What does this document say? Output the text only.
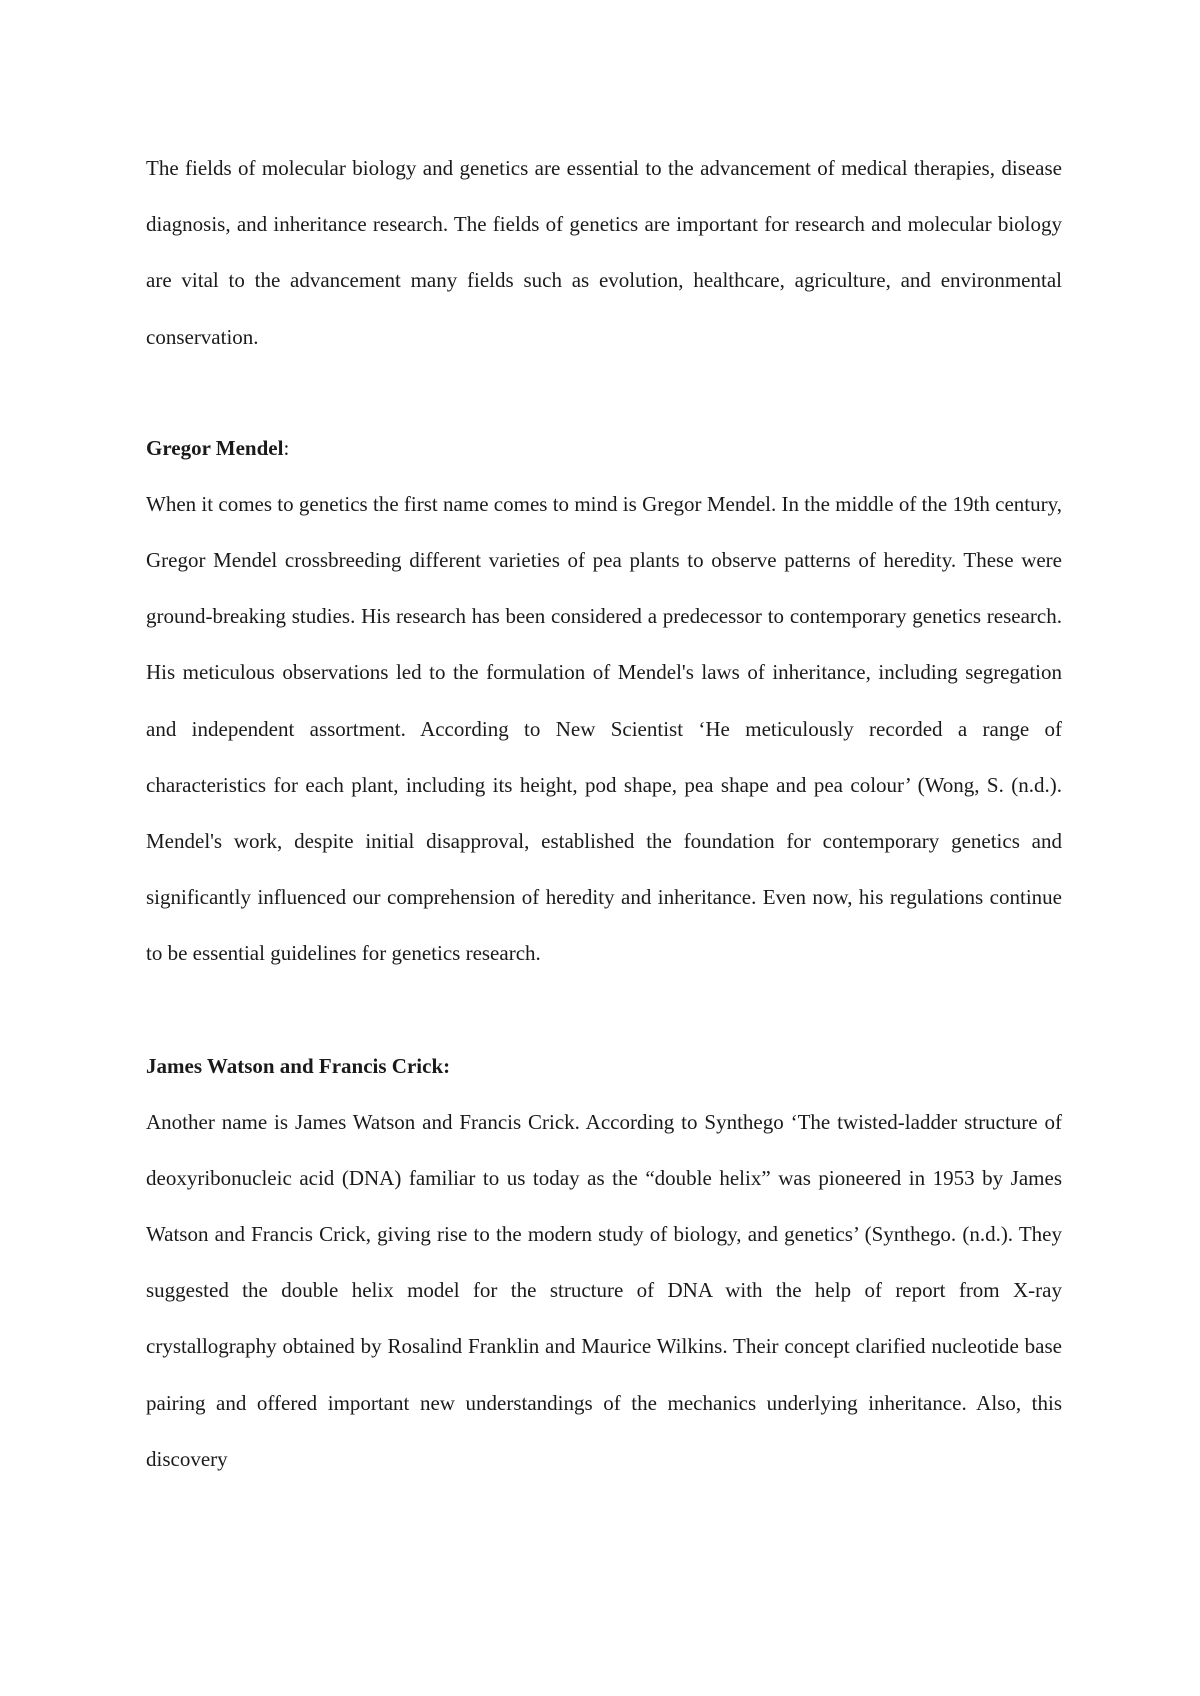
The fields of molecular biology and genetics are essential to the advancement of medical therapies, disease diagnosis, and inheritance research. The fields of genetics are important for research and molecular biology are vital to the advancement many fields such as evolution, healthcare, agriculture, and environmental conservation.

Gregor Mendel:

When it comes to genetics the first name comes to mind is Gregor Mendel. In the middle of the 19th century, Gregor Mendel crossbreeding different varieties of pea plants to observe patterns of heredity. These were ground-breaking studies. His research has been considered a predecessor to contemporary genetics research. His meticulous observations led to the formulation of Mendel's laws of inheritance, including segregation and independent assortment. According to New Scientist ‘He meticulously recorded a range of characteristics for each plant, including its height, pod shape, pea shape and pea colour’ (Wong, S. (n.d.). Mendel's work, despite initial disapproval, established the foundation for contemporary genetics and significantly influenced our comprehension of heredity and inheritance. Even now, his regulations continue to be essential guidelines for genetics research.

James Watson and Francis Crick:

Another name is James Watson and Francis Crick. According to Synthego ‘The twisted-ladder structure of deoxyribonucleic acid (DNA) familiar to us today as the “double helix” was pioneered in 1953 by James Watson and Francis Crick, giving rise to the modern study of biology, and genetics’ (Synthego. (n.d.). They suggested the double helix model for the structure of DNA with the help of report from X-ray crystallography obtained by Rosalind Franklin and Maurice Wilkins. Their concept clarified nucleotide base pairing and offered important new understandings of the mechanics underlying inheritance. Also, this discovery
